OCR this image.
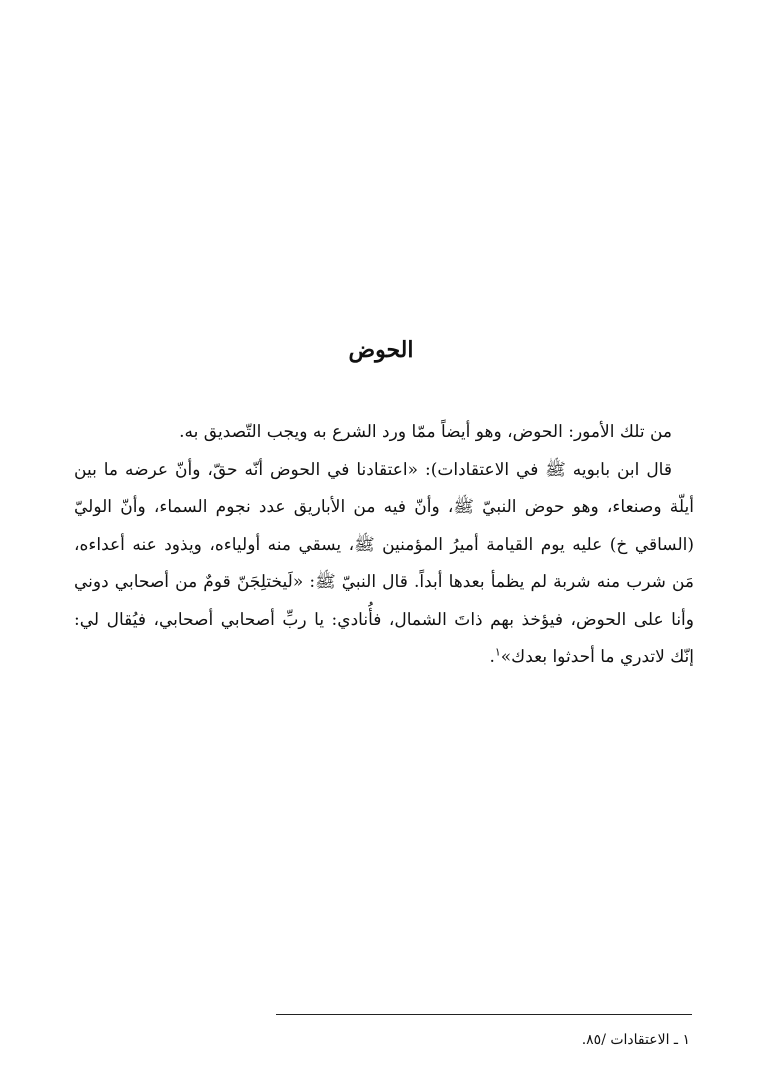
الحوض

من تلك الأمور: الحوض، وهو أيضاً ممّا ورد الشرع به ويجب التّصديق به.

قال ابن بابويه ﷺ في الاعتقادات): «اعتقادنا في الحوض أنّه حقّ، وأنّ عرضه ما بين أيلّة وصنعاء، وهو حوض النبيّ ﷺ، وأنّ فيه من الأباريق عدد نجوم السماء، وأنّ الوليّ (الساقي خ) عليه يوم القيامة أميرُ المؤمنين ﷺ، يسقي منه أولياءه، ويذود عنه أعداءه، مَن شرب منه شربة لم يظمأ بعدها أبداً. قال النبيّ ﷺ: «لَيختلِجَنّ قومٌ من أصحابي دوني وأنا على الحوض، فيؤخذ بهم ذاتَ الشمال، فأُنادي: يا ربِّ أصحابي أصحابي، فيُقال لي: إنّك لاتدري ما أحدثوا بعدك»$^١$.

١ ـ الاعتقادات /٨٥.
